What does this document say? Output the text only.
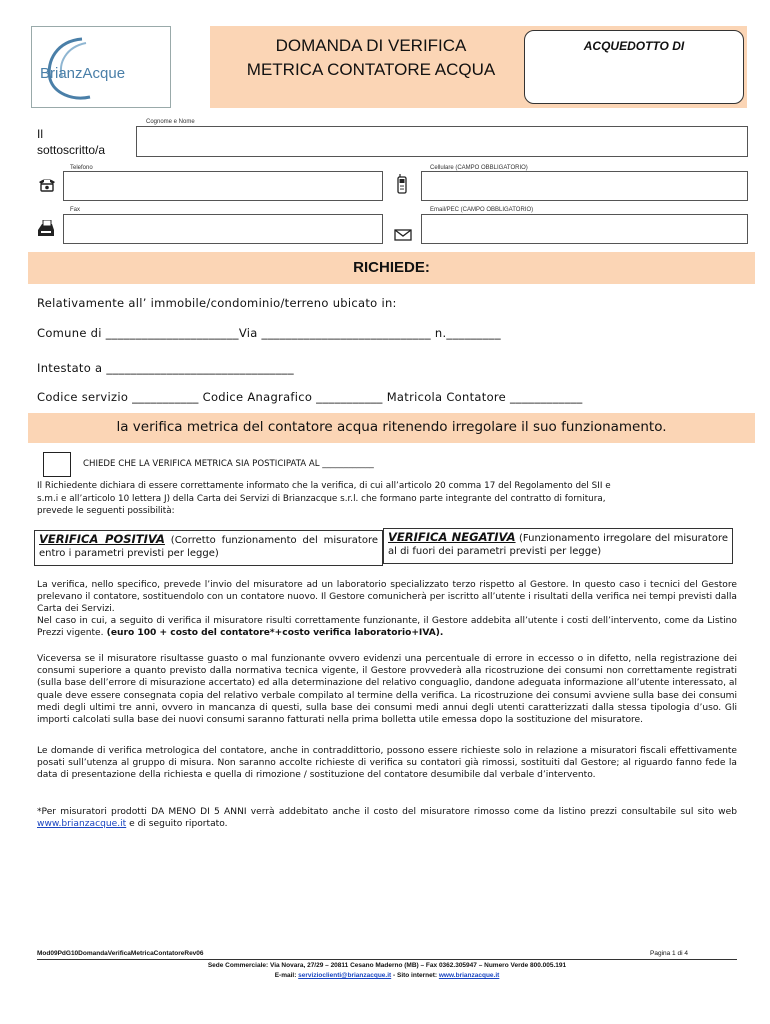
BrianzAcque
DOMANDA DI VERIFICA
METRICA CONTATORE ACQUA
ACQUEDOTTO DI
Cognome e Nome
Il
sottoscritto/a
Telefono	Cellulare (CAMPO OBBLIGATORIO)
Fax	Email/PEC (CAMPO OBBLIGATORIO)
RICHIEDE:
Relativamente all’ immobile/condominio/terreno ubicato in:
Comune di ______________________Via ____________________________ n._________
Intestato a _______________________________
Codice servizio ___________ Codice Anagrafico ___________ Matricola Contatore ____________
la verifica metrica del contatore acqua ritenendo irregolare il suo funzionamento.
CHIEDE CHE LA VERIFICA METRICA SIA POSTICIPATA AL ____________
Il Richiedente dichiara di essere correttamente informato che la verifica, di cui all’articolo 20 comma 17 del Regolamento del SII e
s.m.i e all’articolo 10 lettera J) della Carta dei Servizi di Brianzacque s.r.l. che formano parte integrante del contratto di fornitura,
prevede le seguenti possibilità:
VERIFICA POSITIVA (Corretto funzionamento del misuratore entro i parametri previsti per legge)
VERIFICA NEGATIVA (Funzionamento irregolare del misuratore al di fuori dei parametri previsti per legge)
La verifica, nello specifico, prevede l’invio del misuratore ad un laboratorio specializzato terzo rispetto al Gestore. In questo caso i tecnici del Gestore prelevano il contatore, sostituendolo con un contatore nuovo. Il Gestore comunicherà per iscritto all’utente i risultati della verifica nei tempi previsti dalla Carta dei Servizi.
Nel caso in cui, a seguito di verifica il misuratore risulti correttamente funzionante, il Gestore addebita all’utente i costi dell’intervento, come da Listino Prezzi vigente. (euro 100 + costo del contatore*+costo verifica laboratorio+IVA).
Viceversa se il misuratore risultasse guasto o mal funzionante ovvero evidenzi una percentuale di errore in eccesso o in difetto, nella registrazione dei consumi superiore a quanto previsto dalla normativa tecnica vigente, il Gestore provvederà alla ricostruzione dei consumi non correttamente registrati (sulla base dell’errore di misurazione accertato) ed alla determinazione del relativo conguaglio, dandone adeguata informazione all’utente interessato, al quale deve essere consegnata copia del relativo verbale compilato al termine della verifica. La ricostruzione dei consumi avviene sulla base dei consumi medi degli ultimi tre anni, ovvero in mancanza di questi, sulla base dei consumi medi annui degli utenti caratterizzati dalla stessa tipologia d’uso. Gli importi calcolati sulla base dei nuovi consumi saranno fatturati nella prima bolletta utile emessa dopo la sostituzione del misuratore.
Le domande di verifica metrologica del contatore, anche in contraddittorio, possono essere richieste solo in relazione a misuratori fiscali effettivamente posati sull’utenza al gruppo di misura. Non saranno accolte richieste di verifica su contatori già rimossi, sostituiti dal Gestore; al riguardo fanno fede la data di presentazione della richiesta e quella di rimozione / sostituzione del contatore desumibile dal verbale d’intervento.
*Per misuratori prodotti DA MENO DI 5 ANNI verrà addebitato anche il costo del misuratore rimosso come da listino prezzi consultabile sul sito web www.brianzacque.it e di seguito riportato.
Mod09PdG10DomandaVerificaMetricaContatoreRev06	Pagina 1 di 4
Sede Commerciale: Via Novara, 27/29 – 20811 Cesano Maderno (MB) – Fax 0362.305947 – Numero Verde 800.005.191
E-mail: servizioclienti@brianzacque.it - Sito internet: www.brianzacque.it
